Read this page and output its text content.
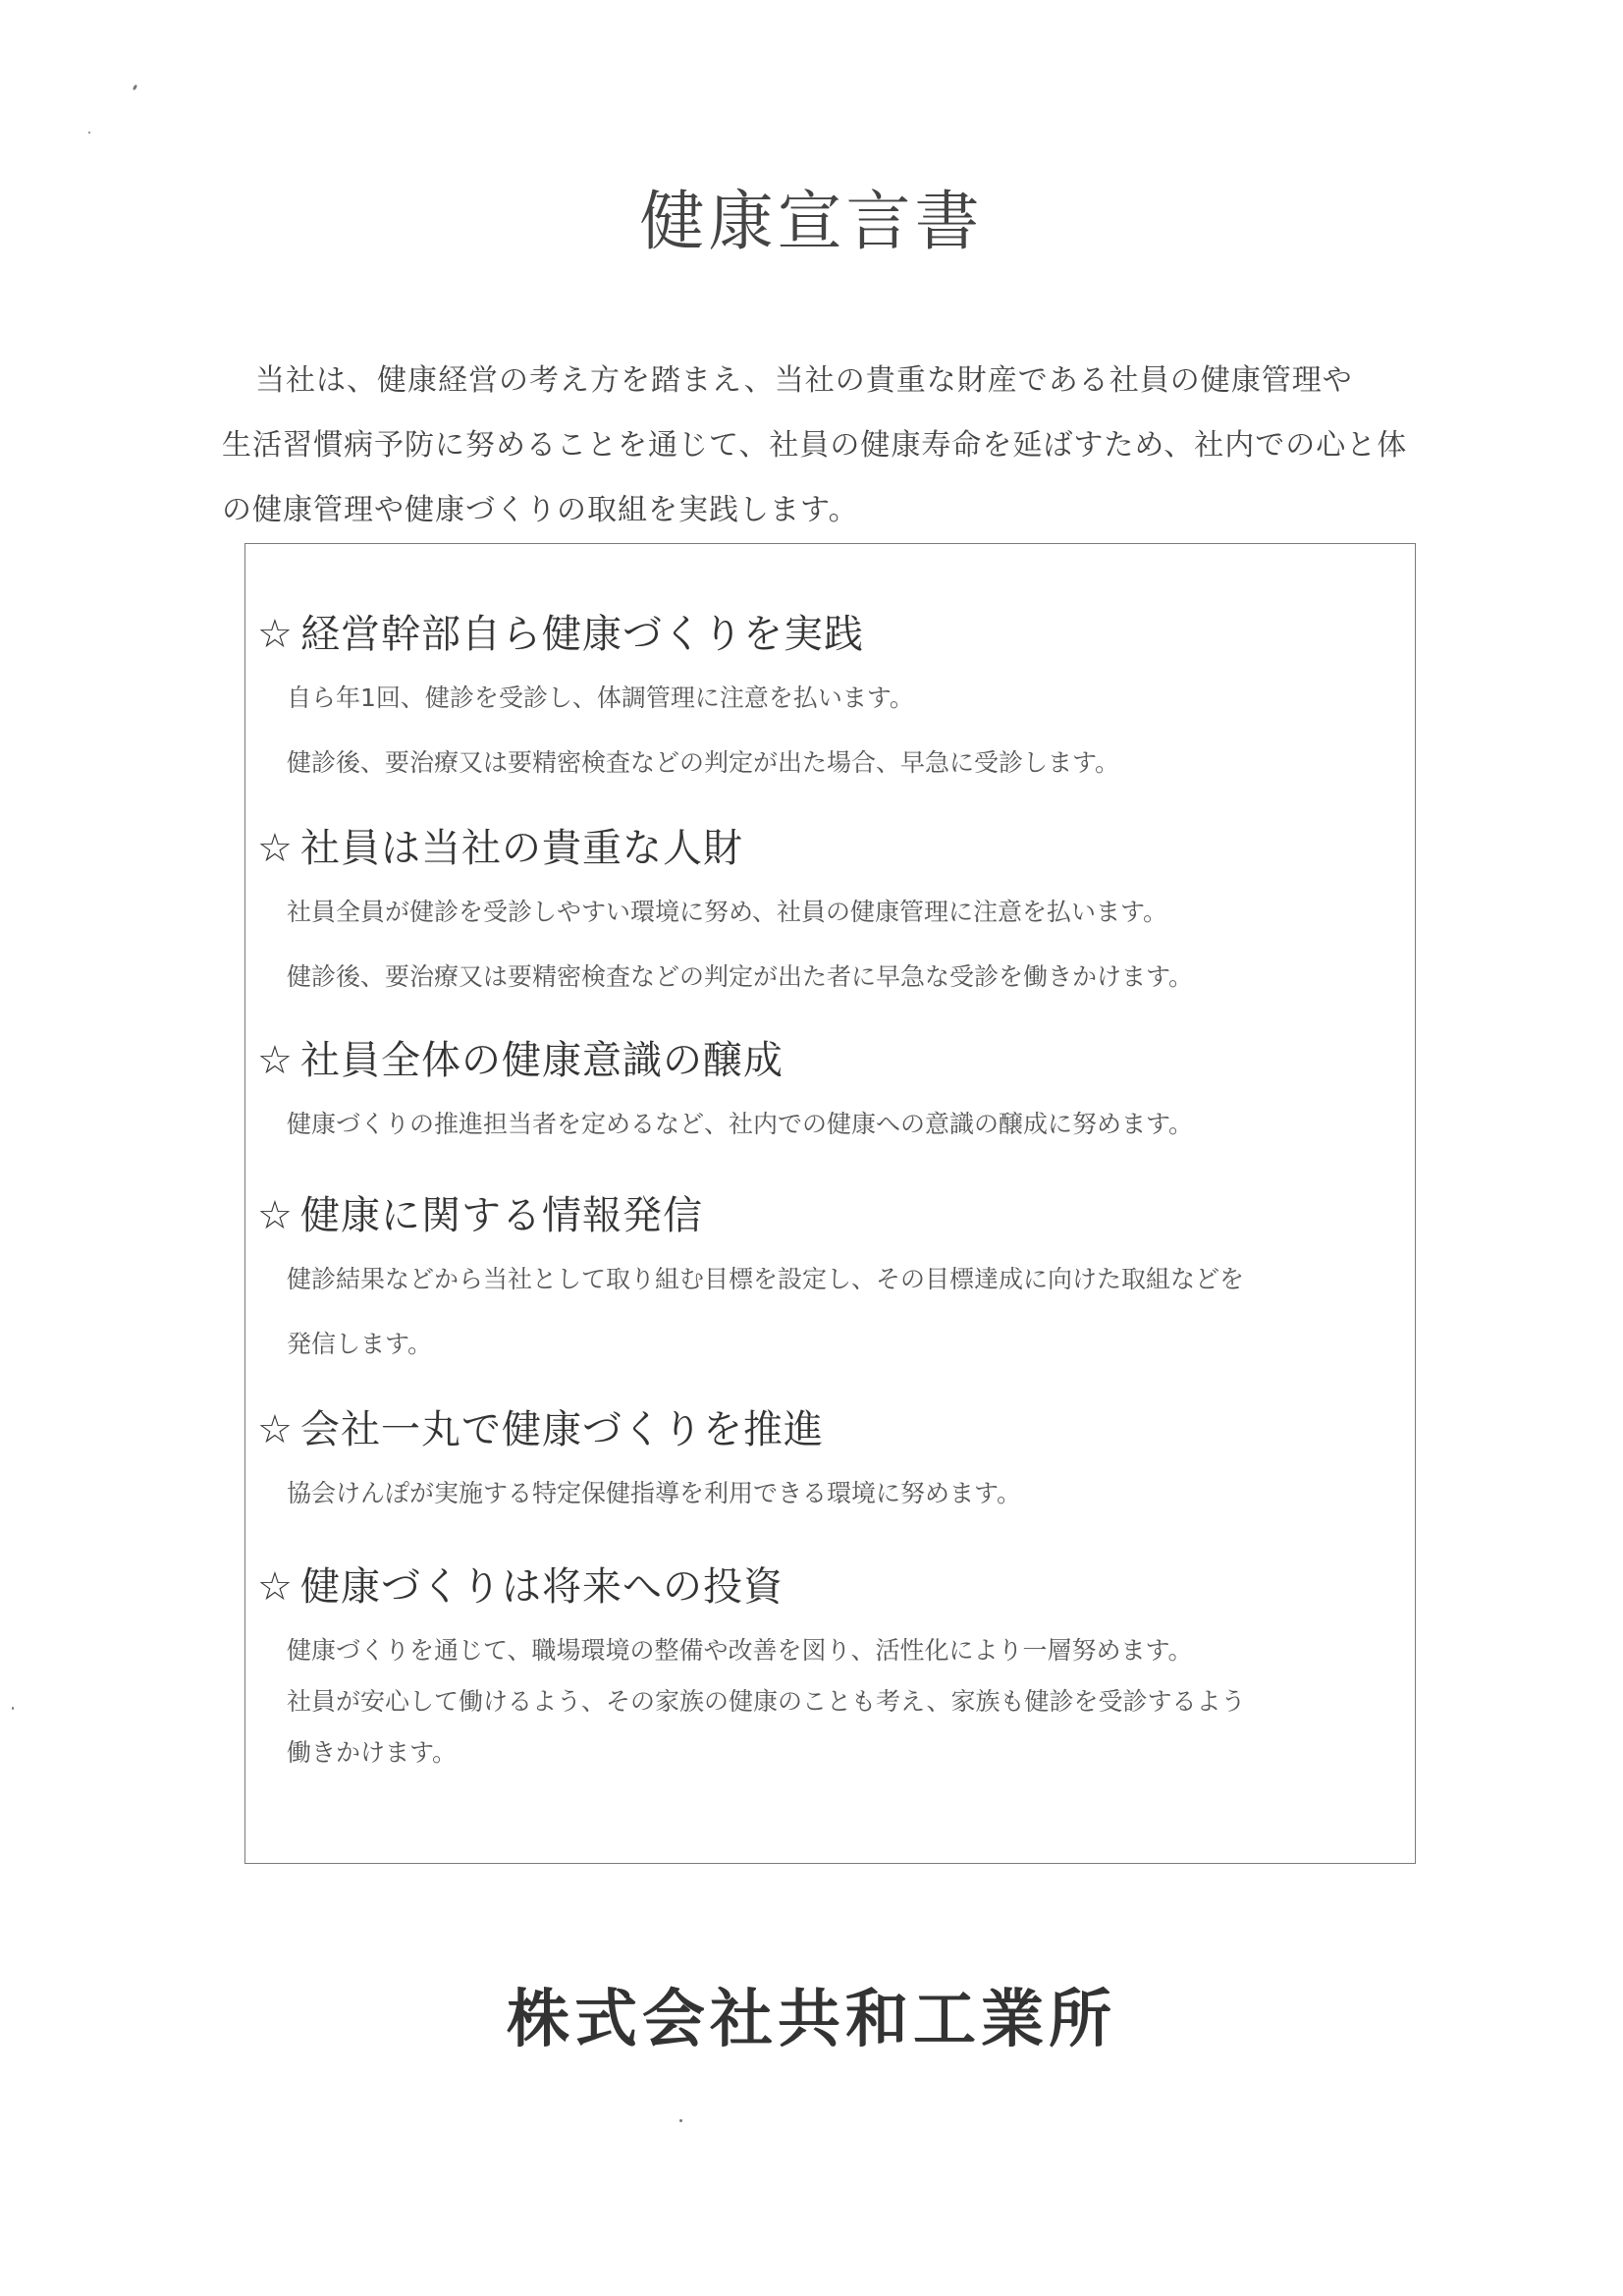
健康宣言書
当社は、健康経営の考え方を踏まえ、当社の貴重な財産である社員の健康管理や
生活習慣病予防に努めることを通じて、社員の健康寿命を延ばすため、社内での心と体
の健康管理や健康づくりの取組を実践します。
☆ 経営幹部自ら健康づくりを実践

自ら年1回、健診を受診し、体調管理に注意を払います。

健診後、要治療又は要精密検査などの判定が出た場合、早急に受診します。

☆ 社員は当社の貴重な人財

社員全員が健診を受診しやすい環境に努め、社員の健康管理に注意を払います。

健診後、要治療又は要精密検査などの判定が出た者に早急な受診を働きかけます。

☆ 社員全体の健康意識の醸成

健康づくりの推進担当者を定めるなど、社内での健康への意識の醸成に努めます。

☆ 健康に関する情報発信

健診結果などから当社として取り組む目標を設定し、その目標達成に向けた取組などを

発信します。

☆ 会社一丸で健康づくりを推進

協会けんぽが実施する特定保健指導を利用できる環境に努めます。

☆ 健康づくりは将来への投資

健康づくりを通じて、職場環境の整備や改善を図り、活性化により一層努めます。

社員が安心して働けるよう、その家族の健康のことも考え、家族も健診を受診するよう

働きかけます。

株式会社共和工業所
